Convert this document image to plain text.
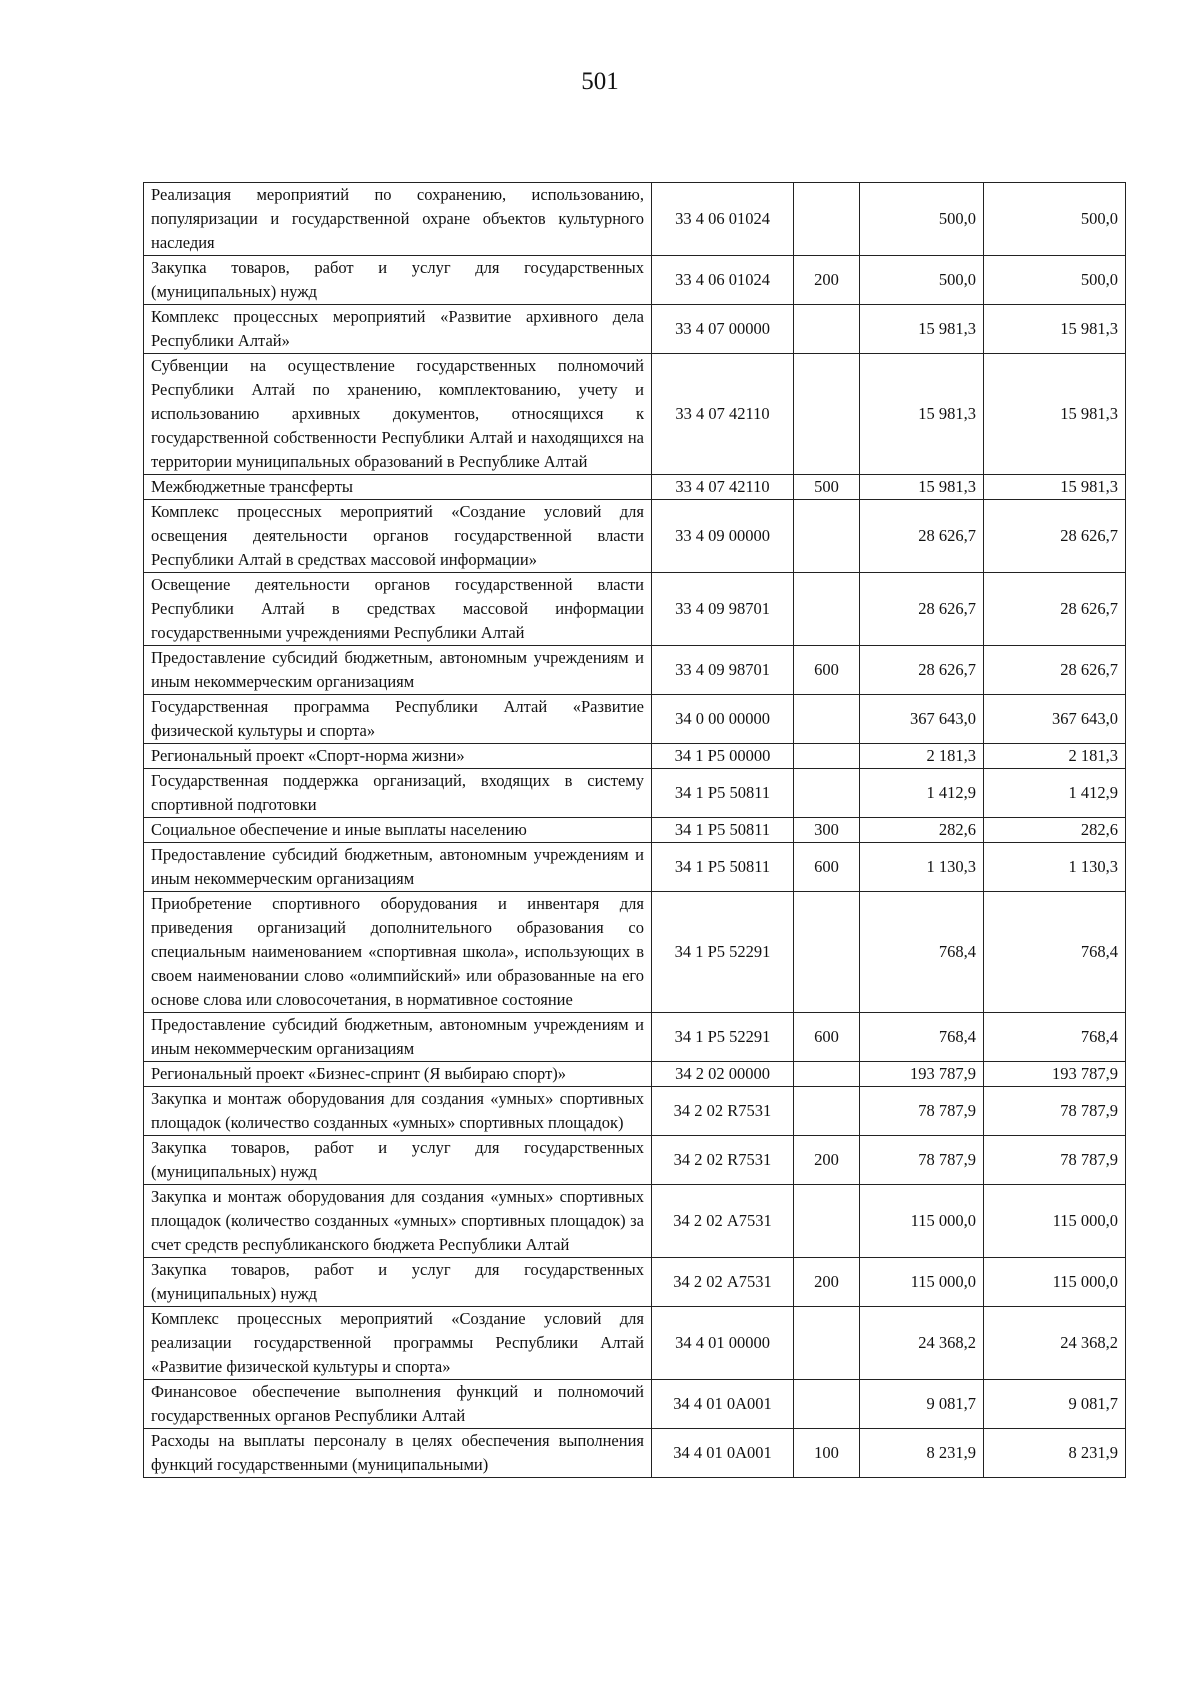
501
Реализация мероприятий по сохранению, использованию, популяризации и государственной охране объектов культурного наследия	33 4 06 01024		500,0	500,0
Закупка товаров, работ и услуг для государственных (муниципальных) нужд	33 4 06 01024	200	500,0	500,0
Комплекс процессных мероприятий «Развитие архивного дела Республики Алтай»	33 4 07 00000		15 981,3	15 981,3
Субвенции на осуществление государственных полномочий Республики Алтай по хранению, комплектованию, учету и использованию архивных документов, относящихся к государственной собственности Республики Алтай и находящихся на территории муниципальных образований в Республике Алтай	33 4 07 42110		15 981,3	15 981,3
Межбюджетные трансферты	33 4 07 42110	500	15 981,3	15 981,3
Комплекс процессных мероприятий «Создание условий для освещения деятельности органов государственной власти Республики Алтай в средствах массовой информации»	33 4 09 00000		28 626,7	28 626,7
Освещение деятельности органов государственной власти Республики Алтай в средствах массовой информации государственными учреждениями Республики Алтай	33 4 09 98701		28 626,7	28 626,7
Предоставление субсидий бюджетным, автономным учреждениям и иным некоммерческим организациям	33 4 09 98701	600	28 626,7	28 626,7
Государственная программа Республики Алтай «Развитие физической культуры и спорта»	34 0 00 00000		367 643,0	367 643,0
Региональный проект «Спорт-норма жизни»	34 1 Р5 00000		2 181,3	2 181,3
Государственная поддержка организаций, входящих в систему спортивной подготовки	34 1 Р5 50811		1 412,9	1 412,9
Социальное обеспечение и иные выплаты населению	34 1 Р5 50811	300	282,6	282,6
Предоставление субсидий бюджетным, автономным учреждениям и иным некоммерческим организациям	34 1 Р5 50811	600	1 130,3	1 130,3
Приобретение спортивного оборудования и инвентаря для приведения организаций дополнительного образования со специальным наименованием «спортивная школа», использующих в своем наименовании слово «олимпийский» или образованные на его основе слова или словосочетания, в нормативное состояние	34 1 Р5 52291		768,4	768,4
Предоставление субсидий бюджетным, автономным учреждениям и иным некоммерческим организациям	34 1 Р5 52291	600	768,4	768,4
Региональный проект «Бизнес-спринт (Я выбираю спорт)»	34 2 02 00000		193 787,9	193 787,9
Закупка и монтаж оборудования для создания «умных» спортивных площадок (количество созданных «умных» спортивных площадок)	34 2 02 R7531		78 787,9	78 787,9
Закупка товаров, работ и услуг для государственных (муниципальных) нужд	34 2 02 R7531	200	78 787,9	78 787,9
Закупка и монтаж оборудования для создания «умных» спортивных площадок (количество созданных «умных» спортивных площадок) за счет средств республиканского бюджета Республики Алтай	34 2 02 А7531		115 000,0	115 000,0
Закупка товаров, работ и услуг для государственных (муниципальных) нужд	34 2 02 А7531	200	115 000,0	115 000,0
Комплекс процессных мероприятий «Создание условий для реализации государственной программы Республики Алтай «Развитие физической культуры и спорта»	34 4 01 00000		24 368,2	24 368,2
Финансовое обеспечение выполнения функций и полномочий государственных органов Республики Алтай	34 4 01 0А001		9 081,7	9 081,7
Расходы на выплаты персоналу в целях обеспечения выполнения функций государственными (муниципальными)	34 4 01 0А001	100	8 231,9	8 231,9
